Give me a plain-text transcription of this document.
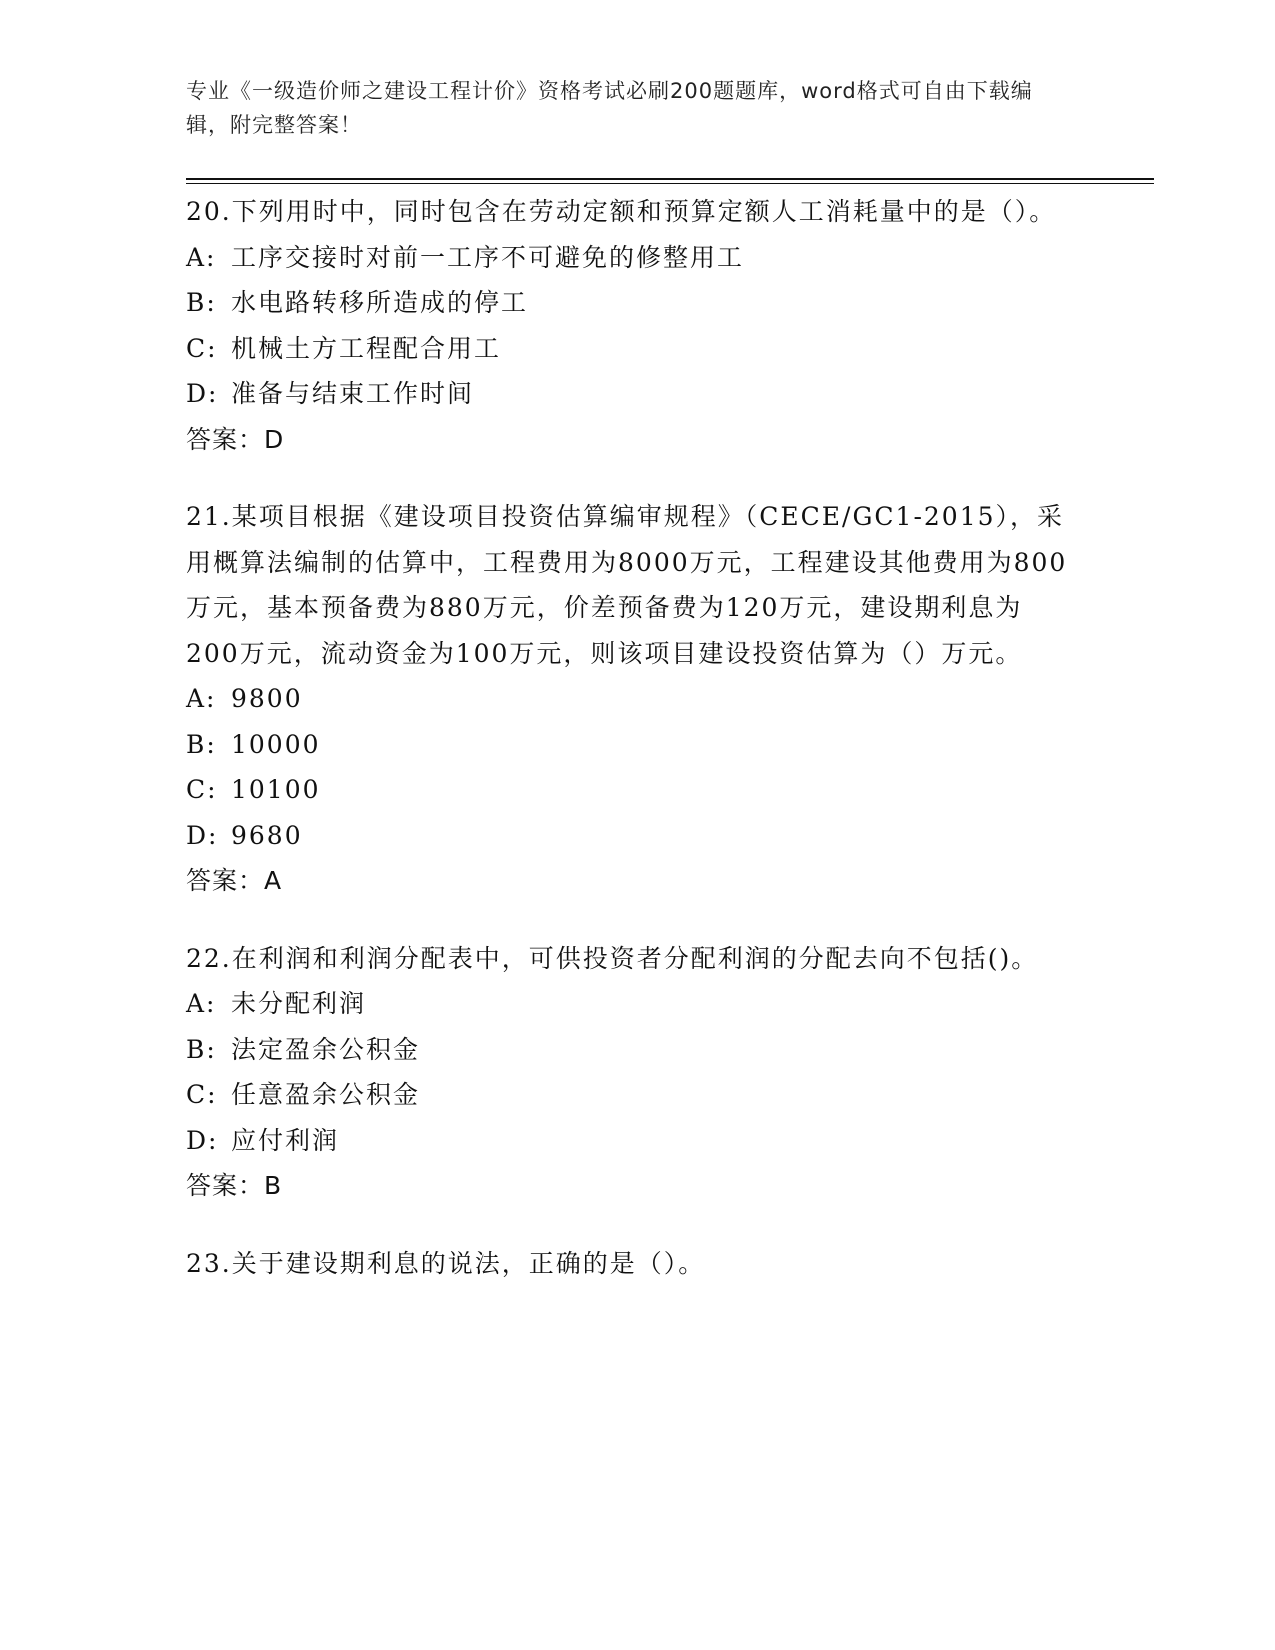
专业《一级造价师之建设工程计价》资格考试必刷200题题库，word格式可自由下载编辑，附完整答案！

20.下列用时中，同时包含在劳动定额和预算定额人工消耗量中的是（）。

A: 工序交接时对前一工序不可避免的修整用工

B: 水电路转移所造成的停工

C: 机械土方工程配合用工

D: 准备与结束工作时间

答案：D

21.某项目根据《建设项目投资估算编审规程》（CECE/GC1-2015），采用概算法编制的估算中，工程费用为8000万元，工程建设其他费用为800万元，基本预备费为880万元，价差预备费为120万元，建设期利息为200万元，流动资金为100万元，则该项目建设投资估算为（）万元。

A: 9800

B: 10000

C: 10100

D: 9680

答案：A

22.在利润和利润分配表中，可供投资者分配利润的分配去向不包括()。

A: 未分配利润

B: 法定盈余公积金

C: 任意盈余公积金

D: 应付利润

答案：B

23.关于建设期利息的说法，正确的是（）。
